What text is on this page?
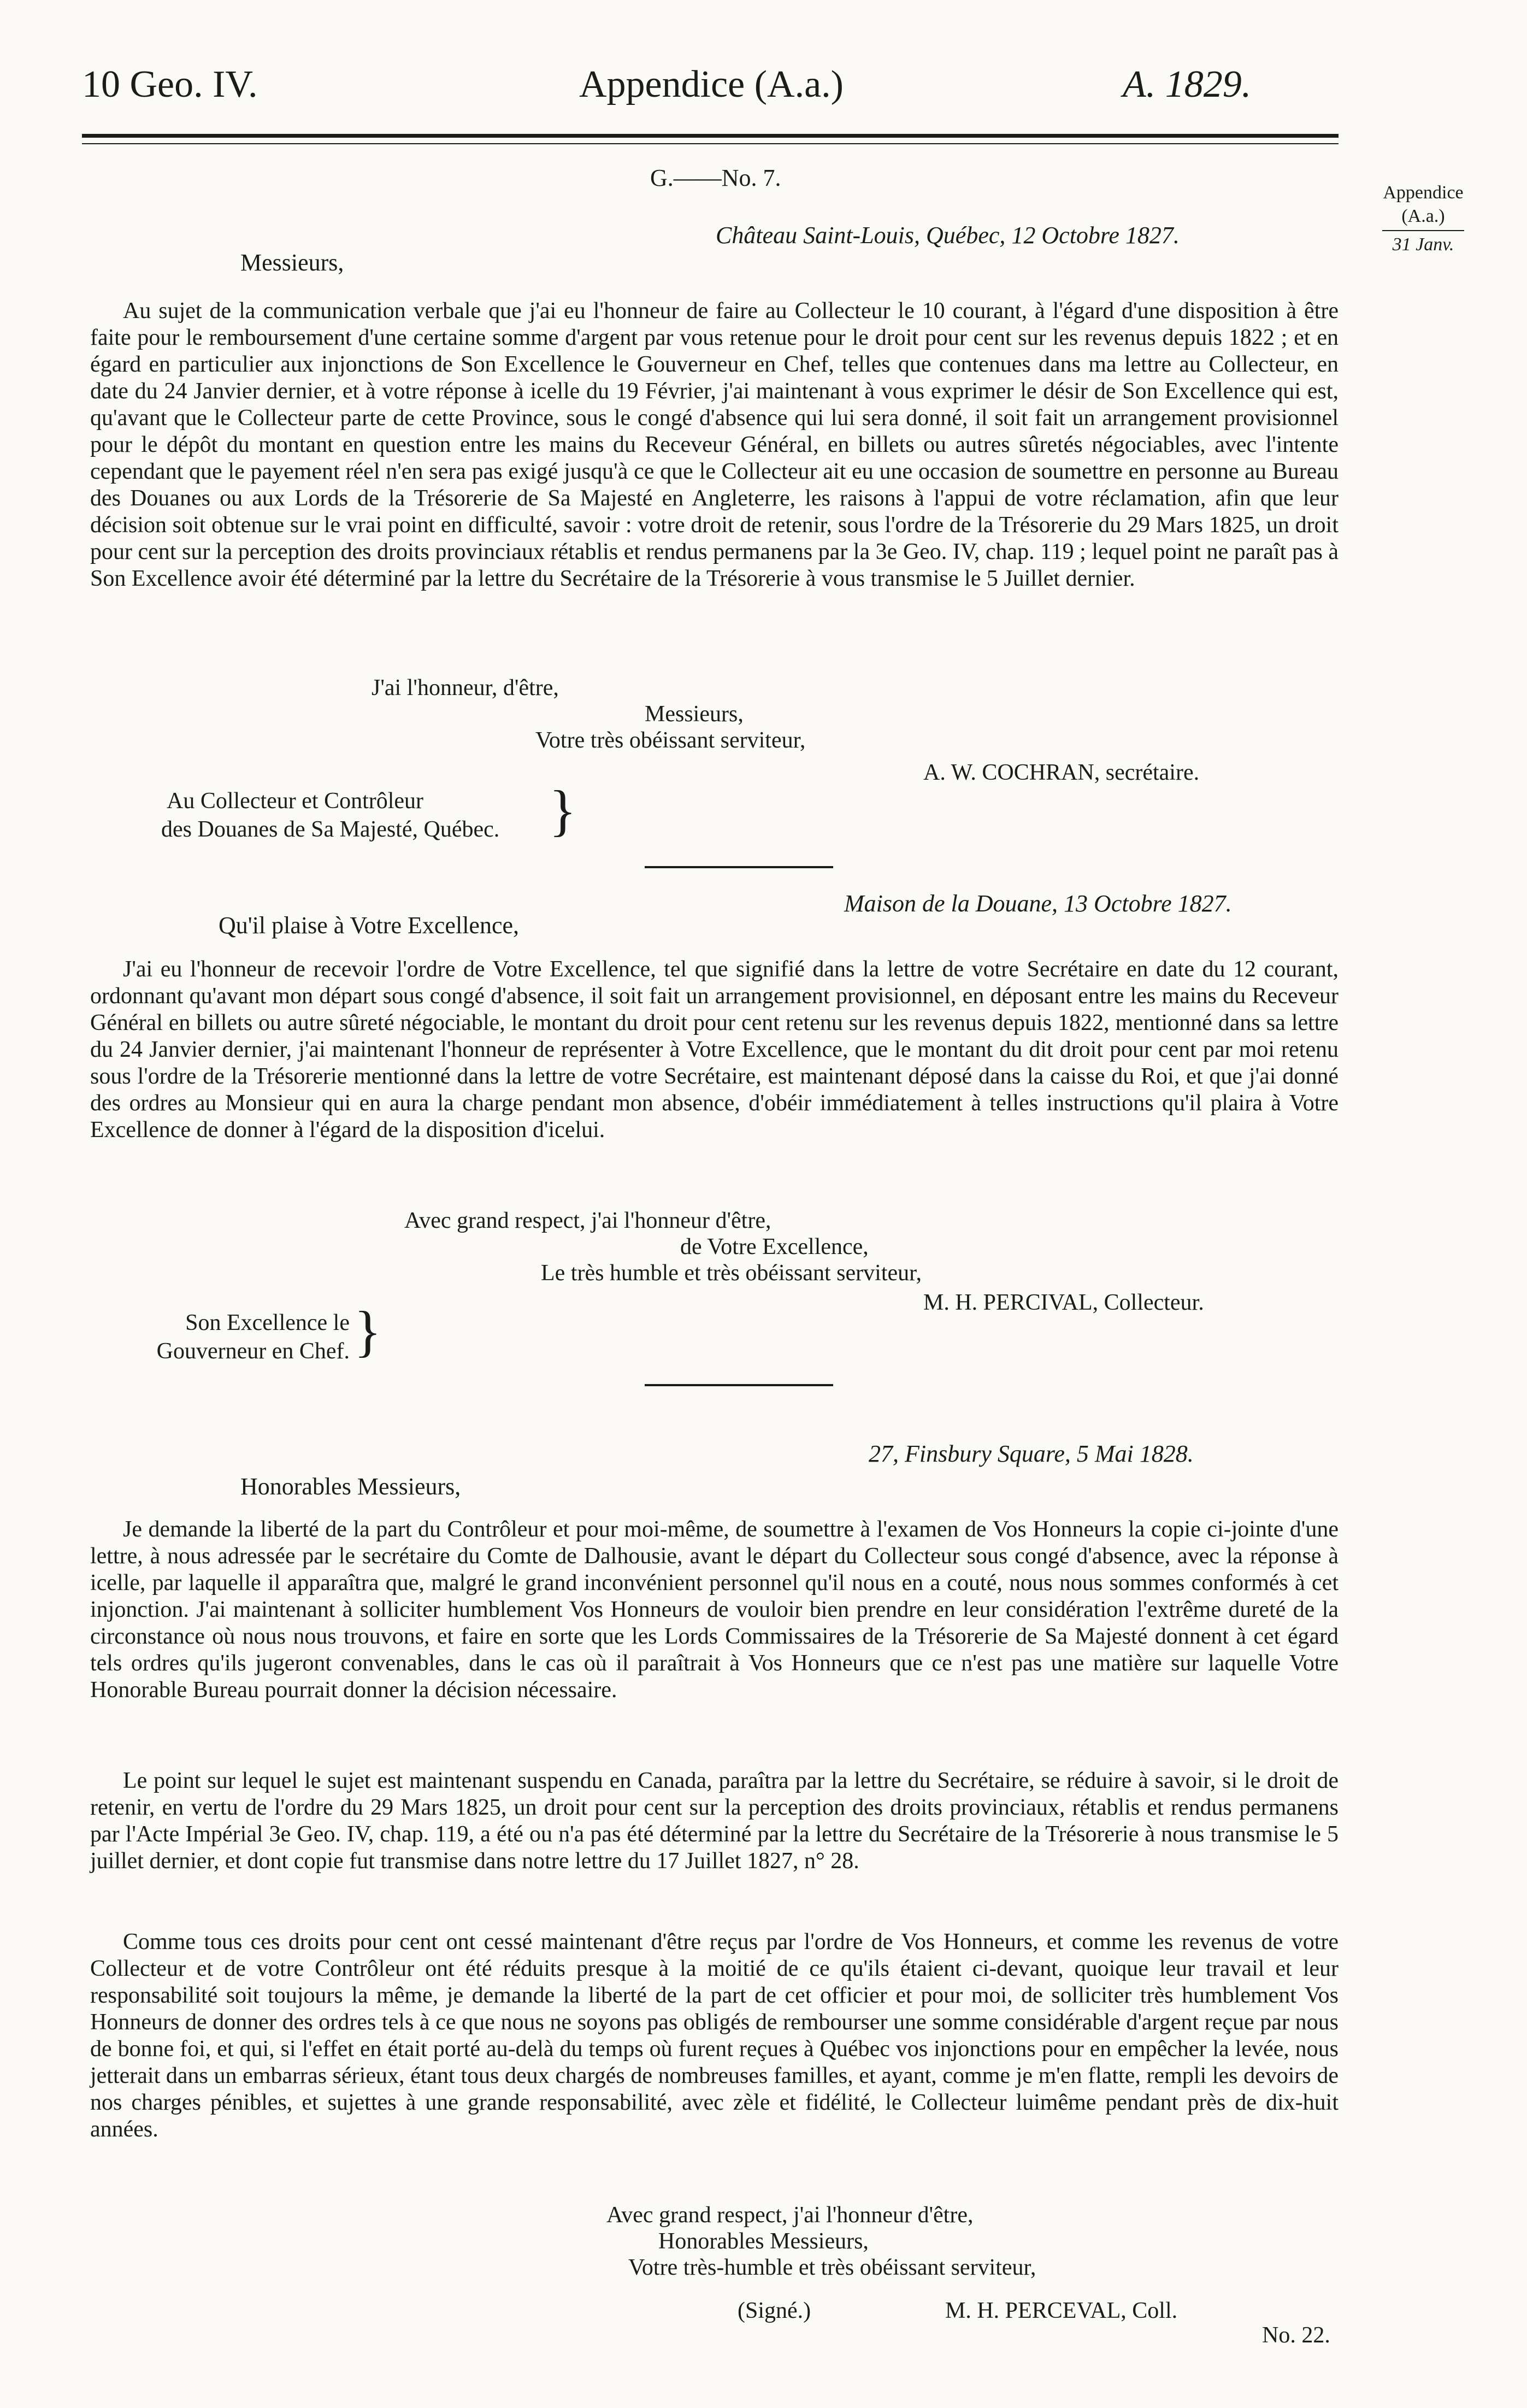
10 Geo. IV.	Appendice (A.a.)	A. 1829.
Appendice
(A.a.)
31 Janv.
G.——No. 7.
Château Saint-Louis, Québec, 12 Octobre 1827.
Messieurs,
Au sujet de la communication verbale que j'ai eu l'honneur de faire au Collecteur le 10 courant, à l'égard d'une disposition à être faite pour le remboursement d'une certaine somme d'argent par vous retenue pour le droit pour cent sur les revenus depuis 1822 ; et en égard en particulier aux injonctions de Son Excellence le Gouverneur en Chef, telles que contenues dans ma lettre au Collecteur, en date du 24 Janvier dernier, et à votre réponse à icelle du 19 Février, j'ai maintenant à vous exprimer le désir de Son Excellence qui est, qu'avant que le Collecteur parte de cette Province, sous le congé d'absence qui lui sera donné, il soit fait un arrangement provisionnel pour le dépôt du montant en question entre les mains du Receveur Général, en billets ou autres sûretés négociables, avec l'intente cependant que le payement réel n'en sera pas exigé jusqu'à ce que le Collecteur ait eu une occasion de soumettre en personne au Bureau des Douanes ou aux Lords de la Trésorerie de Sa Majesté en Angleterre, les raisons à l'appui de votre réclamation, afin que leur décision soit obtenue sur le vrai point en difficulté, savoir : votre droit de retenir, sous l'ordre de la Trésorerie du 29 Mars 1825, un droit pour cent sur la perception des droits provinciaux rétablis et rendus permanens par la 3e Geo. IV, chap. 119 ; lequel point ne paraît pas à Son Excellence avoir été déterminé par la lettre du Secrétaire de la Trésorerie à vous transmise le 5 Juillet dernier.
J'ai l'honneur, d'être,
Messieurs,
Votre très obéissant serviteur,
A. W. COCHRAN, secrétaire.
Au Collecteur et Contrôleur
des Douanes de Sa Majesté, Québec. }
Maison de la Douane, 13 Octobre 1827.
Qu'il plaise à Votre Excellence,
J'ai eu l'honneur de recevoir l'ordre de Votre Excellence, tel que signifié dans la lettre de votre Secrétaire en date du 12 courant, ordonnant qu'avant mon départ sous congé d'absence, il soit fait un arrangement provisionnel, en déposant entre les mains du Receveur Général en billets ou autre sûreté négociable, le montant du droit pour cent retenu sur les revenus depuis 1822, mentionné dans sa lettre du 24 Janvier dernier, j'ai maintenant l'honneur de représenter à Votre Excellence, que le montant du dit droit pour cent par moi retenu sous l'ordre de la Trésorerie mentionné dans la lettre de votre Secrétaire, est maintenant déposé dans la caisse du Roi, et que j'ai donné des ordres au Monsieur qui en aura la charge pendant mon absence, d'obéir immédiatement à telles instructions qu'il plaira à Votre Excellence de donner à l'égard de la disposition d'icelui.
Avec grand respect, j'ai l'honneur d'être,
de Votre Excellence,
Le très humble et très obéissant serviteur,
M. H. PERCIVAL, Collecteur.
Son Excellence le
Gouverneur en Chef. }
27, Finsbury Square, 5 Mai 1828.
Honorables Messieurs,
Je demande la liberté de la part du Contrôleur et pour moi-même, de soumettre à l'examen de Vos Honneurs la copie ci-jointe d'une lettre, à nous adressée par le secrétaire du Comte de Dalhousie, avant le départ du Collecteur sous congé d'absence, avec la réponse à icelle, par laquelle il apparaîtra que, malgré le grand inconvénient personnel qu'il nous en a couté, nous nous sommes conformés à cet injonction. J'ai maintenant à solliciter humblement Vos Honneurs de vouloir bien prendre en leur considération l'extrême dureté de la circonstance où nous nous trouvons, et faire en sorte que les Lords Commissaires de la Trésorerie de Sa Majesté donnent à cet égard tels ordres qu'ils jugeront convenables, dans le cas où il paraîtrait à Vos Honneurs que ce n'est pas une matière sur laquelle Votre Honorable Bureau pourrait donner la décision nécessaire.
Le point sur lequel le sujet est maintenant suspendu en Canada, paraîtra par la lettre du Secrétaire, se réduire à savoir, si le droit de retenir, en vertu de l'ordre du 29 Mars 1825, un droit pour cent sur la perception des droits provinciaux, rétablis et rendus permanens par l'Acte Impérial 3e Geo. IV, chap. 119, a été ou n'a pas été déterminé par la lettre du Secrétaire de la Trésorerie à nous transmise le 5 juillet dernier, et dont copie fut transmise dans notre lettre du 17 Juillet 1827, n° 28.
Comme tous ces droits pour cent ont cessé maintenant d'être reçus par l'ordre de Vos Honneurs, et comme les revenus de votre Collecteur et de votre Contrôleur ont été réduits presque à la moitié de ce qu'ils étaient ci-devant, quoique leur travail et leur responsabilité soit toujours la même, je demande la liberté de la part de cet officier et pour moi, de solliciter très humblement Vos Honneurs de donner des ordres tels à ce que nous ne soyons pas obligés de rembourser une somme considérable d'argent reçue par nous de bonne foi, et qui, si l'effet en était porté au-delà du temps où furent reçues à Québec vos injonctions pour en empêcher la levée, nous jetterait dans un embarras sérieux, étant tous deux chargés de nombreuses familles, et ayant, comme je m'en flatte, rempli les devoirs de nos charges pénibles, et sujettes à une grande responsabilité, avec zèle et fidélité, le Collecteur luimême pendant près de dix-huit années.
Avec grand respect, j'ai l'honneur d'être,
Honorables Messieurs,
Votre très-humble et très obéissant serviteur,
(Signé.)	M. H. PERCEVAL, Coll.
No. 22.
